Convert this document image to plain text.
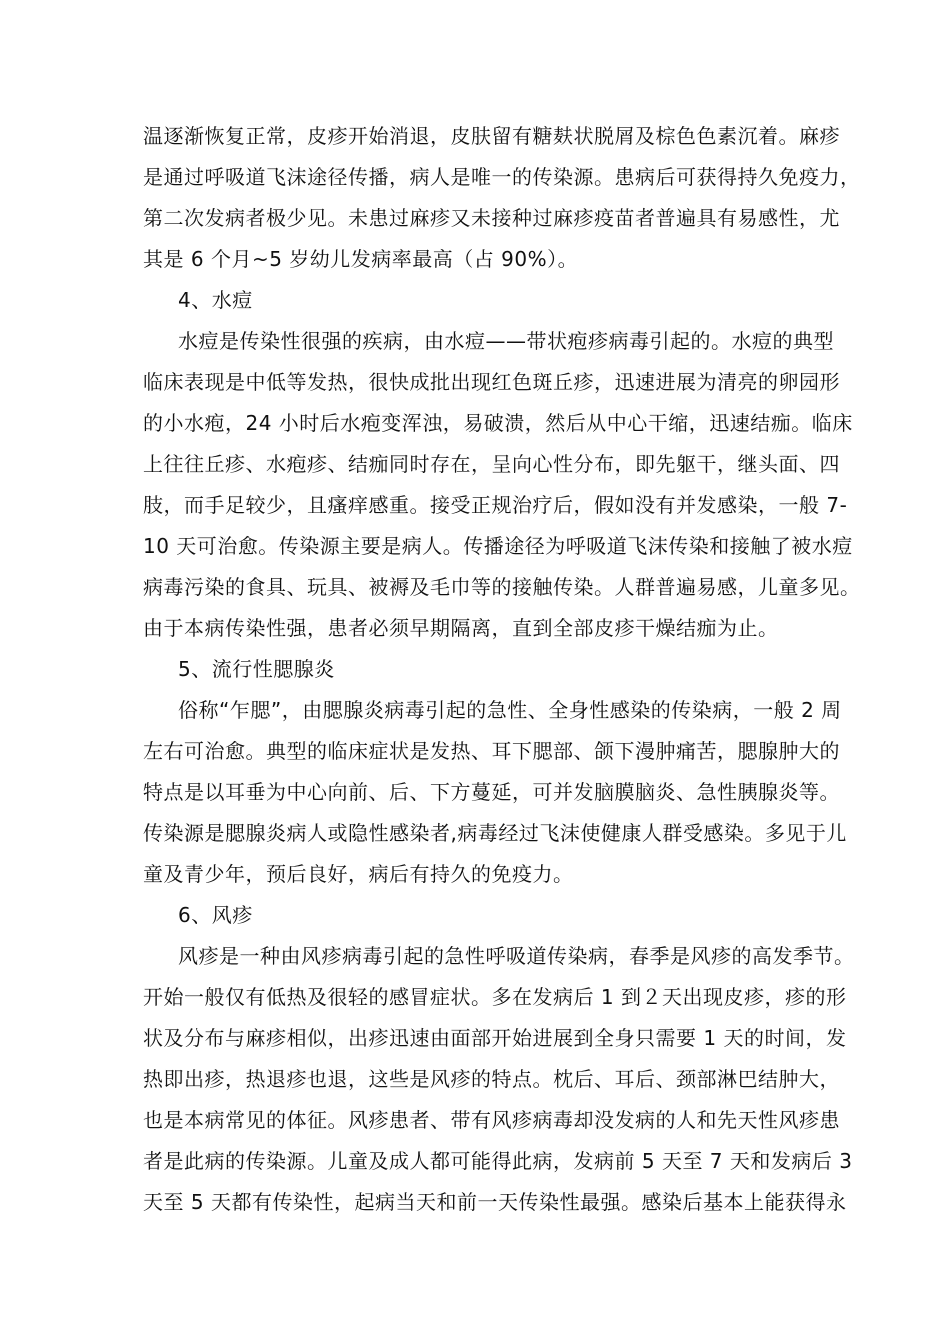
温逐渐恢复正常，皮疹开始消退，皮肤留有糖麸状脱屑及棕色色素沉着。麻疹
是通过呼吸道飞沫途径传播，病人是唯一的传染源。患病后可获得持久免疫力，
第二次发病者极少见。未患过麻疹又未接种过麻疹疫苗者普遍具有易感性，尤
其是 6 个月~5 岁幼儿发病率最高（占 90%）。
4、水痘
水痘是传染性很强的疾病，由水痘——带状疱疹病毒引起的。水痘的典型
临床表现是中低等发热，很快成批出现红色斑丘疹，迅速进展为清亮的卵园形
的小水疱，24 小时后水疱变浑浊，易破溃，然后从中心干缩，迅速结痂。临床
上往往丘疹、水疱疹、结痂同时存在，呈向心性分布，即先躯干，继头面、四
肢，而手足较少，且瘙痒感重。接受正规治疗后，假如没有并发感染，一般 7-
10 天可治愈。传染源主要是病人。传播途径为呼吸道飞沫传染和接触了被水痘
病毒污染的食具、玩具、被褥及毛巾等的接触传染。人群普遍易感，儿童多见。
由于本病传染性强，患者必须早期隔离，直到全部皮疹干燥结痂为止。
5、流行性腮腺炎
俗称“乍腮”，由腮腺炎病毒引起的急性、全身性感染的传染病，一般 2 周
左右可治愈。典型的临床症状是发热、耳下腮部、颌下漫肿痛苦，腮腺肿大的
特点是以耳垂为中心向前、后、下方蔓延，可并发脑膜脑炎、急性胰腺炎等。
传染源是腮腺炎病人或隐性感染者,病毒经过飞沫使健康人群受感染。多见于儿
童及青少年，预后良好，病后有持久的免疫力。
6、风疹
风疹是一种由风疹病毒引起的急性呼吸道传染病，春季是风疹的高发季节。
开始一般仅有低热及很轻的感冒症状。多在发病后 1 到２天出现皮疹，疹的形
状及分布与麻疹相似，出疹迅速由面部开始进展到全身只需要 1 天的时间，发
热即出疹，热退疹也退，这些是风疹的特点。枕后、耳后、颈部淋巴结肿大，
也是本病常见的体征。风疹患者、带有风疹病毒却没发病的人和先天性风疹患
者是此病的传染源。儿童及成人都可能得此病，发病前 5 天至 7 天和发病后 3
天至 5 天都有传染性，起病当天和前一天传染性最强。感染后基本上能获得永
